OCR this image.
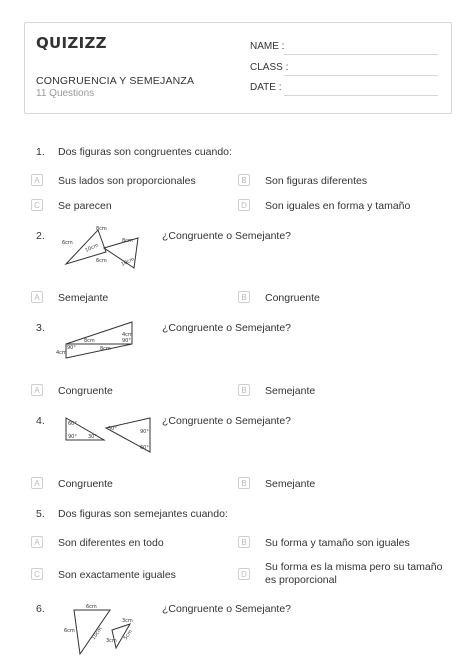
QUIZIZZ
CONGRUENCIA Y SEMEJANZA
11 Questions
NAME :
CLASS :
DATE :
1. Dos figuras son congruentes cuando:
A	Sus lados son proporcionales	B	Son figuras diferentes
C Se parecen	D Son iguales en forma y tamaño
2.	¿Congruente o Semejante?
6cm
8cm
10cm
8cm
6cm	10cm
A	Semejante	B	Congruente
3.	¿Congruente o Semejante?
8cm
4cm
90°
4cm
8cm
90°
A	Congruente	B	Semejante
4.	¿Congruente o Semejante?
60°
90° 30°
30°	90°
60°
A	Congruente	B	Semejante
5. Dos figuras son semejantes cuando:
A	Son diferentes en todo	B	Su forma y tamaño son iguales
C Son exactamente iguales	D
Su forma es la misma pero su tamaño es proporcional
6.	¿Congruente o Semejante?
6cm
6cm	10cm
3cm
3cm 5cm
